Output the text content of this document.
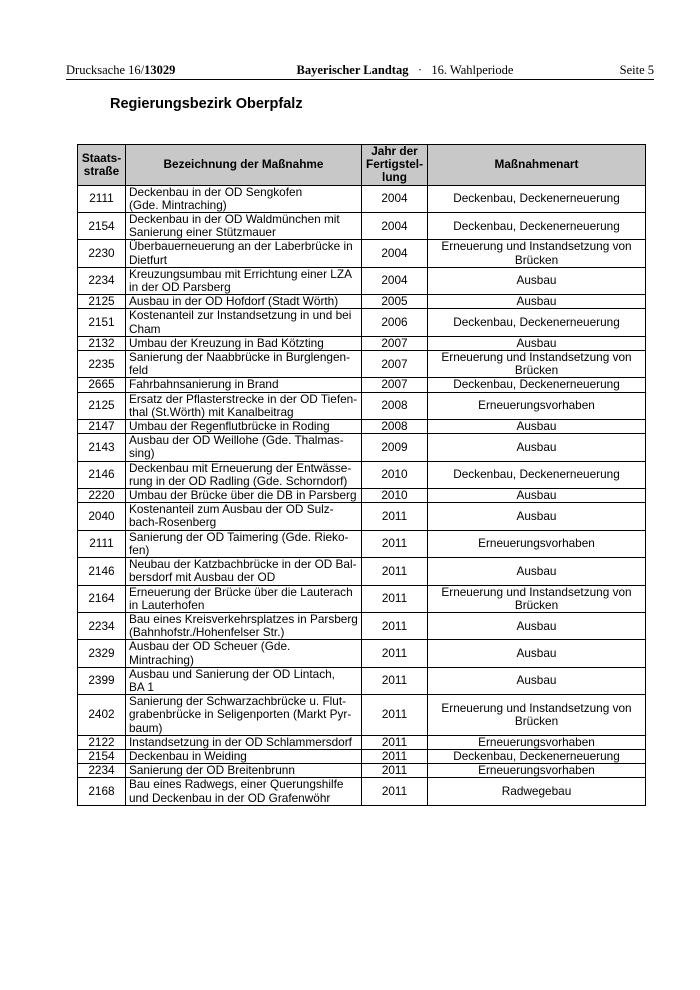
Drucksache 16/13029	Bayerischer Landtag · 16. Wahlperiode	Seite 5
Regierungsbezirk Oberpfalz
Staats-
straße	Bezeichnung der Maßnahme	Jahr der
Fertigstel-
lung	Maßnahmenart
2111	Deckenbau in der OD Sengkofen
(Gde. Mintraching)	2004	Deckenbau, Deckenerneuerung
2154	Deckenbau in der OD Waldmünchen mit
Sanierung einer Stützmauer	2004	Deckenbau, Deckenerneuerung
2230	Überbauerneuerung an der Laberbrücke in
Dietfurt	2004	Erneuerung und Instandsetzung von
Brücken
2234	Kreuzungsumbau mit Errichtung einer LZA
in der OD Parsberg	2004	Ausbau
2125	Ausbau in der OD Hofdorf (Stadt Wörth)	2005	Ausbau
2151	Kostenanteil zur Instandsetzung in und bei
Cham	2006	Deckenbau, Deckenerneuerung
2132	Umbau der Kreuzung in Bad Kötzting	2007	Ausbau
2235	Sanierung der Naabbrücke in Burglengen-
feld	2007	Erneuerung und Instandsetzung von
Brücken
2665	Fahrbahnsanierung in Brand	2007	Deckenbau, Deckenerneuerung
2125	Ersatz der Pflasterstrecke in der OD Tiefen-
thal (St.Wörth) mit Kanalbeitrag	2008	Erneuerungsvorhaben
2147	Umbau der Regenflutbrücke in Roding	2008	Ausbau
2143	Ausbau der OD Weillohe (Gde. Thalmas-
sing)	2009	Ausbau
2146	Deckenbau mit Erneuerung der Entwässe-
rung in der OD Radling (Gde. Schorndorf)	2010	Deckenbau, Deckenerneuerung
2220	Umbau der Brücke über die DB in Parsberg	2010	Ausbau
2040	Kostenanteil zum Ausbau der OD Sulz-
bach-Rosenberg	2011	Ausbau
2111	Sanierung der OD Taimering (Gde. Rieko-
fen)	2011	Erneuerungsvorhaben
2146	Neubau der Katzbachbrücke in der OD Bal-
bersdorf mit Ausbau der OD	2011	Ausbau
2164	Erneuerung der Brücke über die Lauterach
in Lauterhofen	2011	Erneuerung und Instandsetzung von
Brücken
2234	Bau eines Kreisverkehrsplatzes in Parsberg
(Bahnhofstr./Hohenfelser Str.)	2011	Ausbau
2329	Ausbau der OD Scheuer (Gde. Mintraching)	2011	Ausbau
2399	Ausbau und Sanierung der OD Lintach,
BA 1	2011	Ausbau
2402	Sanierung der Schwarzachbrücke u. Flut-
grabenbrücke in Seligenporten (Markt Pyr-
baum)	2011	Erneuerung und Instandsetzung von
Brücken
2122	Instandsetzung in der OD Schlammersdorf	2011	Erneuerungsvorhaben
2154	Deckenbau in Weiding	2011	Deckenbau, Deckenerneuerung
2234	Sanierung der OD Breitenbrunn	2011	Erneuerungsvorhaben
2168	Bau eines Radwegs, einer Querungshilfe
und Deckenbau in der OD Grafenwöhr	2011	Radwegebau
